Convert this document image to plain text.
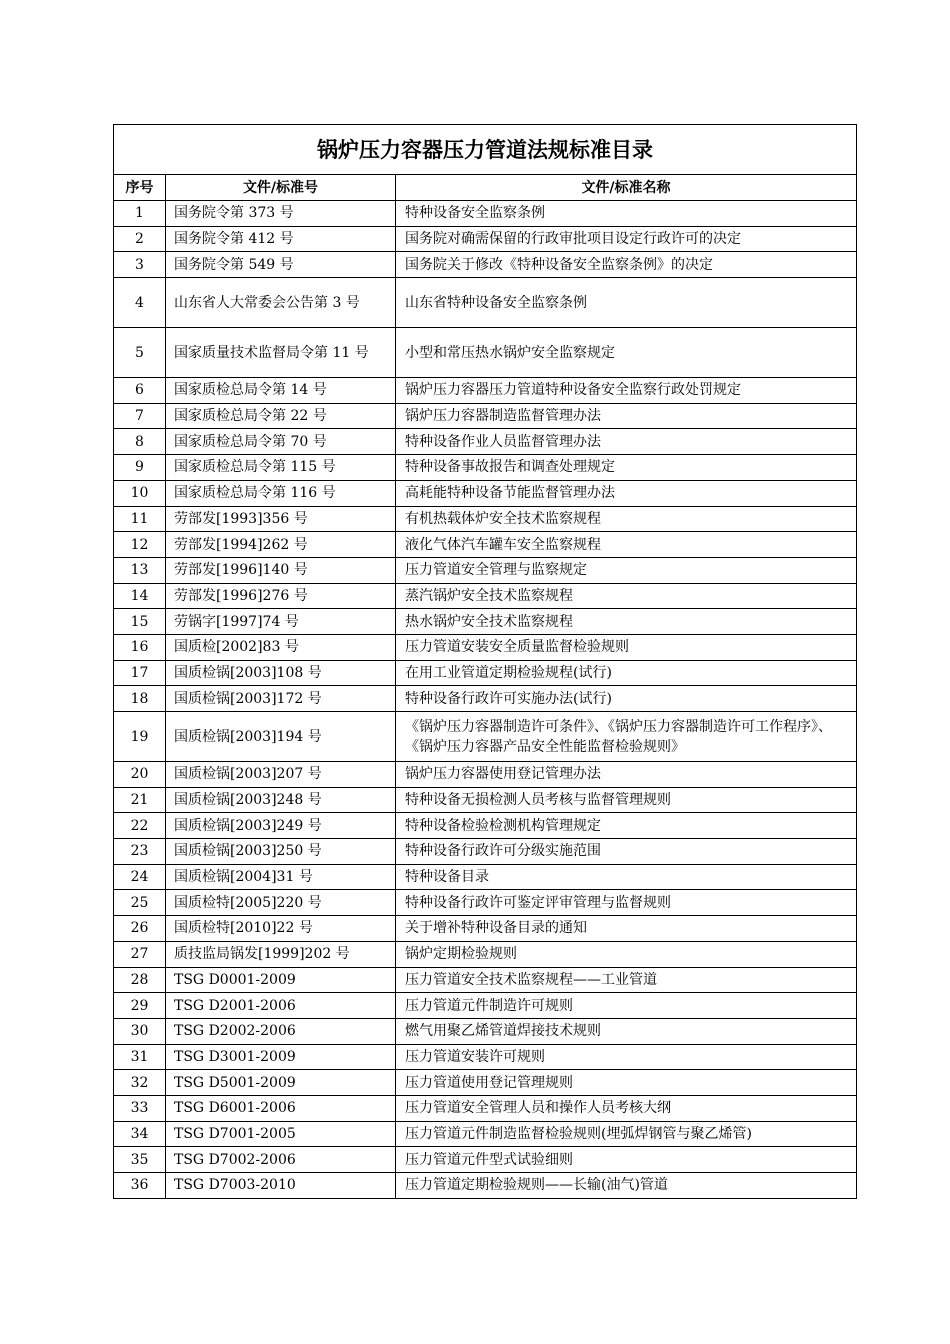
锅炉压力容器压力管道法规标准目录		
序号	文件/标准号	文件/标准名称
1	国务院令第 373 号	特种设备安全监察条例
2	国务院令第 412 号	国务院对确需保留的行政审批项目设定行政许可的决定
3	国务院令第 549 号	国务院关于修改《特种设备安全监察条例》的决定
4	山东省人大常委会公告第 3 号	山东省特种设备安全监察条例
5	国家质量技术监督局令第 11 号	小型和常压热水锅炉安全监察规定
6	国家质检总局令第 14 号	锅炉压力容器压力管道特种设备安全监察行政处罚规定
7	国家质检总局令第 22 号	锅炉压力容器制造监督管理办法
8	国家质检总局令第 70 号	特种设备作业人员监督管理办法
9	国家质检总局令第 115 号	特种设备事故报告和调查处理规定
10	国家质检总局令第 116 号	高耗能特种设备节能监督管理办法
11	劳部发[1993]356 号	有机热载体炉安全技术监察规程
12	劳部发[1994]262 号	液化气体汽车罐车安全监察规程
13	劳部发[1996]140 号	压力管道安全管理与监察规定
14	劳部发[1996]276 号	蒸汽锅炉安全技术监察规程
15	劳锅字[1997]74 号	热水锅炉安全技术监察规程
16	国质检[2002]83 号	压力管道安装安全质量监督检验规则
17	国质检锅[2003]108 号	在用工业管道定期检验规程(试行)
18	国质检锅[2003]172 号	特种设备行政许可实施办法(试行)
19	国质检锅[2003]194 号	《锅炉压力容器制造许可条件》、《锅炉压力容器制造许可工作程序》、《锅炉压力容器产品安全性能监督检验规则》
20	国质检锅[2003]207 号	锅炉压力容器使用登记管理办法
21	国质检锅[2003]248 号	特种设备无损检测人员考核与监督管理规则
22	国质检锅[2003]249 号	特种设备检验检测机构管理规定
23	国质检锅[2003]250 号	特种设备行政许可分级实施范围
24	国质检锅[2004]31 号	特种设备目录
25	国质检特[2005]220 号	特种设备行政许可鉴定评审管理与监督规则
26	国质检特[2010]22 号	关于增补特种设备目录的通知
27	质技监局锅发[1999]202 号	锅炉定期检验规则
28	TSG D0001-2009	压力管道安全技术监察规程——工业管道
29	TSG D2001-2006	压力管道元件制造许可规则
30	TSG D2002-2006	燃气用聚乙烯管道焊接技术规则
31	TSG D3001-2009	压力管道安装许可规则
32	TSG D5001-2009	压力管道使用登记管理规则
33	TSG D6001-2006	压力管道安全管理人员和操作人员考核大纲
34	TSG D7001-2005	压力管道元件制造监督检验规则(埋弧焊钢管与聚乙烯管)
35	TSG D7002-2006	压力管道元件型式试验细则
36	TSG D7003-2010	压力管道定期检验规则——长输(油气)管道
